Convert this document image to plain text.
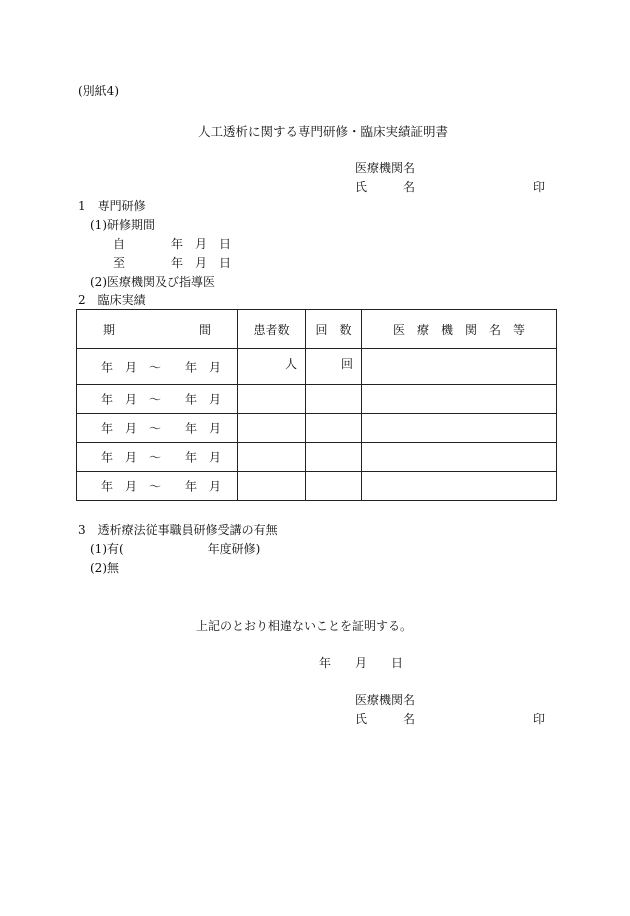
(別紙4)
人工透析に関する専門研修・臨床実績証明書
医療機関名
氏　　　名	印
1　専門研修
(1)研修期間
自	年　月　日
至	年　月　日
(2)医療機関及び指導医
2　臨床実績
期　　　　　　　間	患者数	回　数	医　療　機　関　名　等

年　月　～　　年　月	人	回	

年　月　～　　年　月			

年　月　～　　年　月			

年　月　～　　年　月			

年　月　～　　年　月			

3　透析療法従事職員研修受講の有無
(1)有(　　　　　　　年度研修)
(2)無
上記のとおり相違ないことを証明する。
年　　月　　日
医療機関名
氏　　　名	印
